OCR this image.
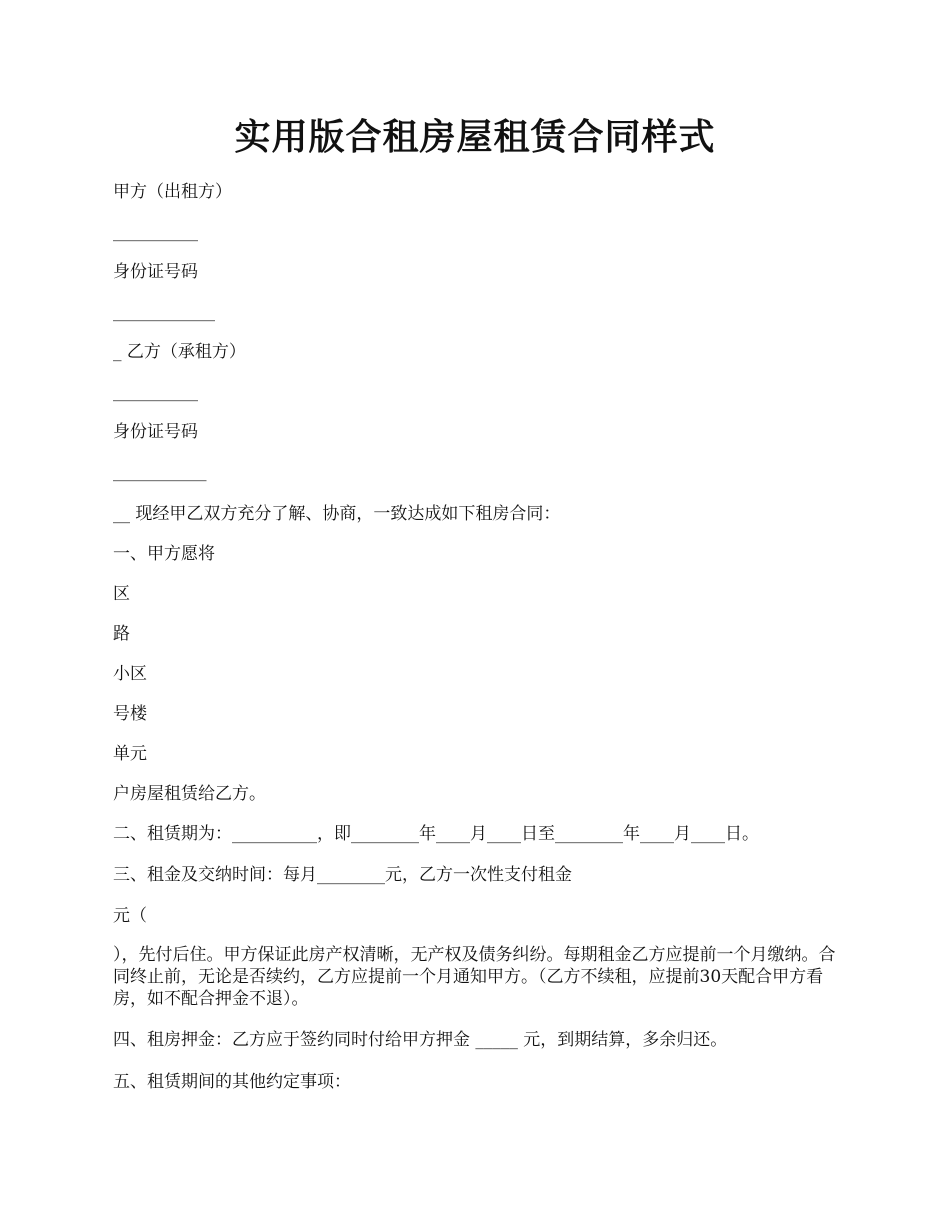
实用版合租房屋租赁合同样式
甲方（出租方）
__________
身份证号码
____________
_ 乙方（承租方）
__________
身份证号码
___________
__ 现经甲乙双方充分了解、协商，一致达成如下租房合同：
一、甲方愿将
区
路
小区
号楼
单元
户房屋租赁给乙方。
二、租赁期为：__________，即________年____月____日至________年____月____日。
三、租金及交纳时间：每月________元，乙方一次性支付租金
元（
），先付后住。甲方保证此房产权清晰，无产权及债务纠纷。每期租金乙方应提前一个月缴纳。合同终止前，无论是否续约，乙方应提前一个月通知甲方。（乙方不续租，应提前30天配合甲方看房，如不配合押金不退）。
四、租房押金：乙方应于签约同时付给甲方押金 _____ 元，到期结算，多余归还。
五、租赁期间的其他约定事项：
